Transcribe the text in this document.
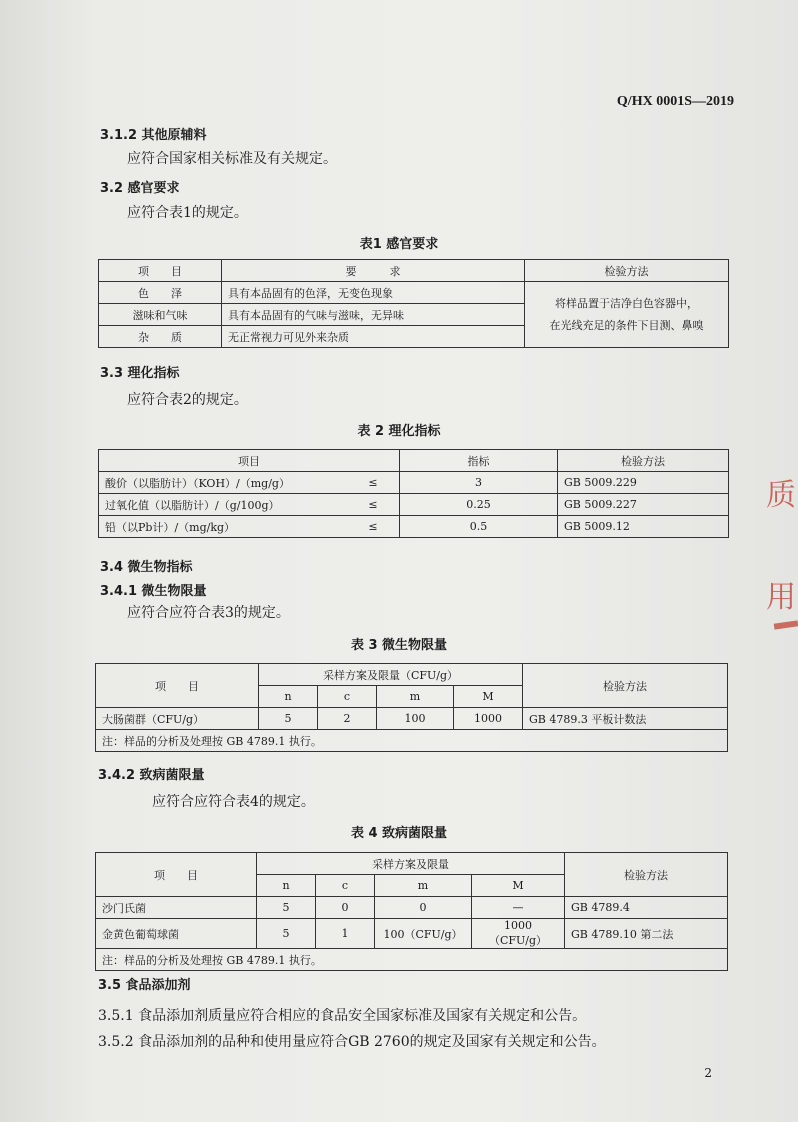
Q/HX 0001S—2019
3.1.2 其他原辅料
应符合国家相关标准及有关规定。
3.2 感官要求
应符合表1的规定。
表1 感官要求
项　　目	要　　　求	检验方法
色　　泽	具有本品固有的色泽，无变色现象	将样品置于洁净白色容器中，
在光线充足的条件下目测、鼻嗅

滋味和气味	具有本品固有的气味与滋味，无异味	
杂　　质	无正常视力可见外来杂质	
3.3 理化指标
应符合表2的规定。
表 2 理化指标
项目		指标	检验方法
酸价（以脂肪计）（KOH）/（mg/g）	≤	3	GB 5009.229
过氧化值（以脂肪计）/（g/100g）	≤	0.25	GB 5009.227
铅（以Pb计）/（mg/kg）	≤	0.5	GB 5009.12
3.4 微生物指标
3.4.1 微生物限量
应符合应符合表3的规定。
表 3 微生物限量
项　　目	采样方案及限量（CFU/g）				检验方法
	n	c	m	M	
大肠菌群（CFU/g）	5	2	100	1000	GB 4789.3 平板计数法
注：样品的分析及处理按 GB 4789.1 执行。					
3.4.2 致病菌限量
应符合应符合表4的规定。
表 4 致病菌限量
项　　目	采样方案及限量				检验方法
	n	c	m	M	
沙门氏菌	5	0	0	—	GB 4789.4
金黄色葡萄球菌	5	1	100（CFU/g）	1000（CFU/g）	GB 4789.10 第二法
注：样品的分析及处理按 GB 4789.1 执行。					
3.5 食品添加剂
3.5.1 食品添加剂质量应符合相应的食品安全国家标准及国家有关规定和公告。
3.5.2 食品添加剂的品种和使用量应符合GB 2760的规定及国家有关规定和公告。
2
质
用
